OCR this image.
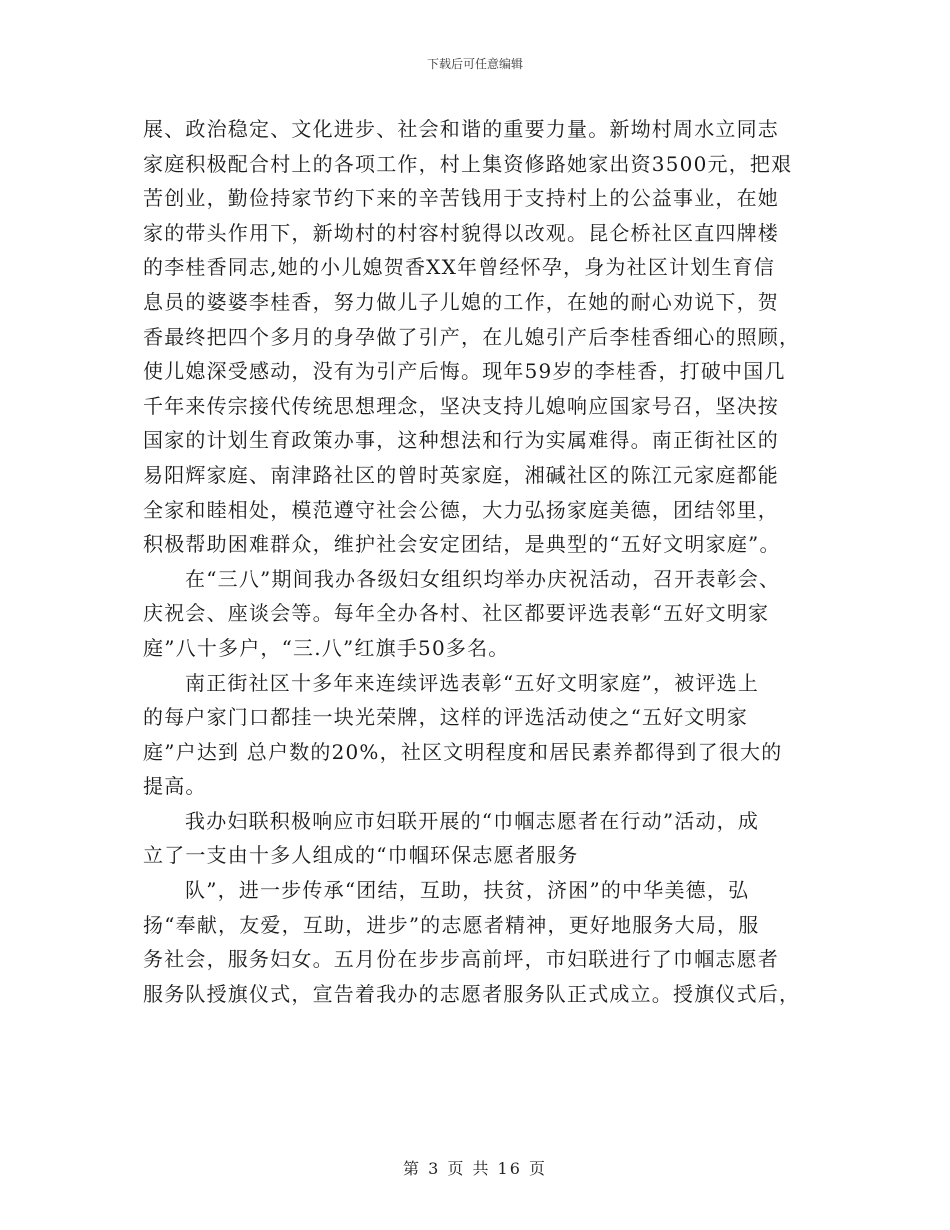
下载后可任意编辑
展、政治稳定、文化进步、社会和谐的重要力量。新坳村周水立同志
家庭积极配合村上的各项工作，村上集资修路她家出资3500元，把艰
苦创业，勤俭持家节约下来的辛苦钱用于支持村上的公益事业，在她
家的带头作用下，新坳村的村容村貌得以改观。昆仑桥社区直四牌楼
的李桂香同志,她的小儿媳贺香XX年曾经怀孕，身为社区计划生育信
息员的婆婆李桂香，努力做儿子儿媳的工作，在她的耐心劝说下，贺
香最终把四个多月的身孕做了引产，在儿媳引产后李桂香细心的照顾，
使儿媳深受感动，没有为引产后悔。现年59岁的李桂香，打破中国几
千年来传宗接代传统思想理念，坚决支持儿媳响应国家号召，坚决按
国家的计划生育政策办事，这种想法和行为实属难得。南正街社区的
易阳辉家庭、南津路社区的曾时英家庭，湘碱社区的陈江元家庭都能
全家和睦相处，模范遵守社会公德，大力弘扬家庭美德，团结邻里，
积极帮助困难群众，维护社会安定团结，是典型的“五好文明家庭”。
在“三八”期间我办各级妇女组织均举办庆祝活动，召开表彰会、
庆祝会、座谈会等。每年全办各村、社区都要评选表彰“五好文明家
庭”八十多户，“三.八”红旗手50多名。
南正街社区十多年来连续评选表彰“五好文明家庭”，被评选上
的每户家门口都挂一块光荣牌，这样的评选活动使之“五好文明家
庭”户达到 总户数的20%，社区文明程度和居民素养都得到了很大的
提高。
我办妇联积极响应市妇联开展的“巾帼志愿者在行动”活动，成
立了一支由十多人组成的“巾帼环保志愿者服务
队”，进一步传承“团结，互助，扶贫，济困”的中华美德，弘
扬“奉献，友爱，互助，进步”的志愿者精神，更好地服务大局，服
务社会，服务妇女。五月份在步步高前坪，市妇联进行了巾帼志愿者
服务队授旗仪式，宣告着我办的志愿者服务队正式成立。授旗仪式后，
第 3 页 共 16 页
